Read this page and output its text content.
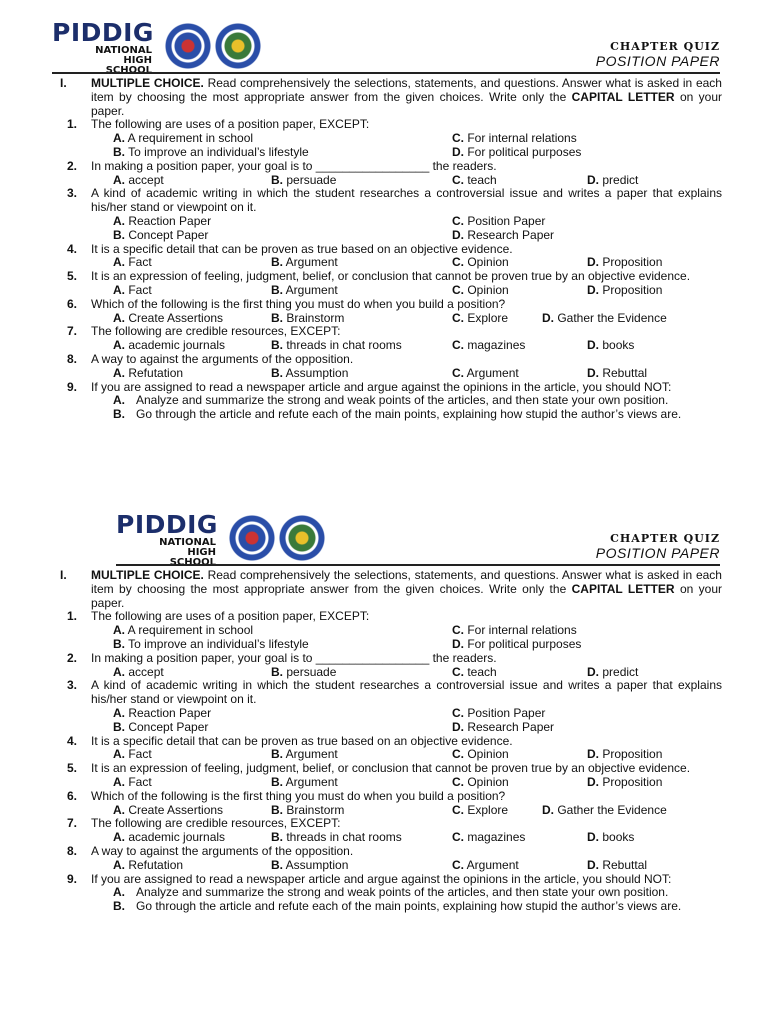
PIDDIG
NATIONAL HIGH SCHOOL
CHAPTER QUIZ
POSITION PAPER
I. MULTIPLE CHOICE. Read comprehensively the selections, statements, and questions. Answer what is asked in each item by choosing the most appropriate answer from the given choices. Write only the CAPITAL LETTER on your paper.
1. The following are uses of a position paper, EXCEPT:
A. A requirement in school	C. For internal relations
B. To improve an individual’s lifestyle	D. For political purposes
2. In making a position paper, your goal is to _________________ the readers.
A. accept	B. persuade	C. teach	D. predict
3. A kind of academic writing in which the student researches a controversial issue and writes a paper that explains his/her stand or viewpoint on it.
A. Reaction Paper	C. Position Paper
B. Concept Paper	D. Research Paper
4. It is a specific detail that can be proven as true based on an objective evidence.
A. Fact	B. Argument	C. Opinion	D. Proposition
5. It is an expression of feeling, judgment, belief, or conclusion that cannot be proven true by an objective evidence.
A. Fact	B. Argument	C. Opinion	D. Proposition
6. Which of the following is the first thing you must do when you build a position?
A. Create Assertions	B. Brainstorm	C. Explore	D. Gather the Evidence
7. The following are credible resources, EXCEPT:
A. academic journals	B. threads in chat rooms	C. magazines	D. books
8. A way to against the arguments of the opposition.
A. Refutation	B. Assumption	C. Argument	D. Rebuttal
9. If you are assigned to read a newspaper article and argue against the opinions in the article, you should NOT:
A. Analyze and summarize the strong and weak points of the articles, and then state your own position.
B. Go through the article and refute each of the main points, explaining how stupid the author’s views are.
PIDDIG
NATIONAL HIGH SCHOOL
CHAPTER QUIZ
POSITION PAPER
I. MULTIPLE CHOICE. Read comprehensively the selections, statements, and questions. Answer what is asked in each item by choosing the most appropriate answer from the given choices. Write only the CAPITAL LETTER on your paper.
1. The following are uses of a position paper, EXCEPT:
A. A requirement in school	C. For internal relations
B. To improve an individual’s lifestyle	D. For political purposes
2. In making a position paper, your goal is to _________________ the readers.
A. accept	B. persuade	C. teach	D. predict
3. A kind of academic writing in which the student researches a controversial issue and writes a paper that explains his/her stand or viewpoint on it.
A. Reaction Paper	C. Position Paper
B. Concept Paper	D. Research Paper
4. It is a specific detail that can be proven as true based on an objective evidence.
A. Fact	B. Argument	C. Opinion	D. Proposition
5. It is an expression of feeling, judgment, belief, or conclusion that cannot be proven true by an objective evidence.
A. Fact	B. Argument	C. Opinion	D. Proposition
6. Which of the following is the first thing you must do when you build a position?
A. Create Assertions	B. Brainstorm	C. Explore	D. Gather the Evidence
7. The following are credible resources, EXCEPT:
A. academic journals	B. threads in chat rooms	C. magazines	D. books
8. A way to against the arguments of the opposition.
A. Refutation	B. Assumption	C. Argument	D. Rebuttal
9. If you are assigned to read a newspaper article and argue against the opinions in the article, you should NOT:
A. Analyze and summarize the strong and weak points of the articles, and then state your own position.
B. Go through the article and refute each of the main points, explaining how stupid the author’s views are.
